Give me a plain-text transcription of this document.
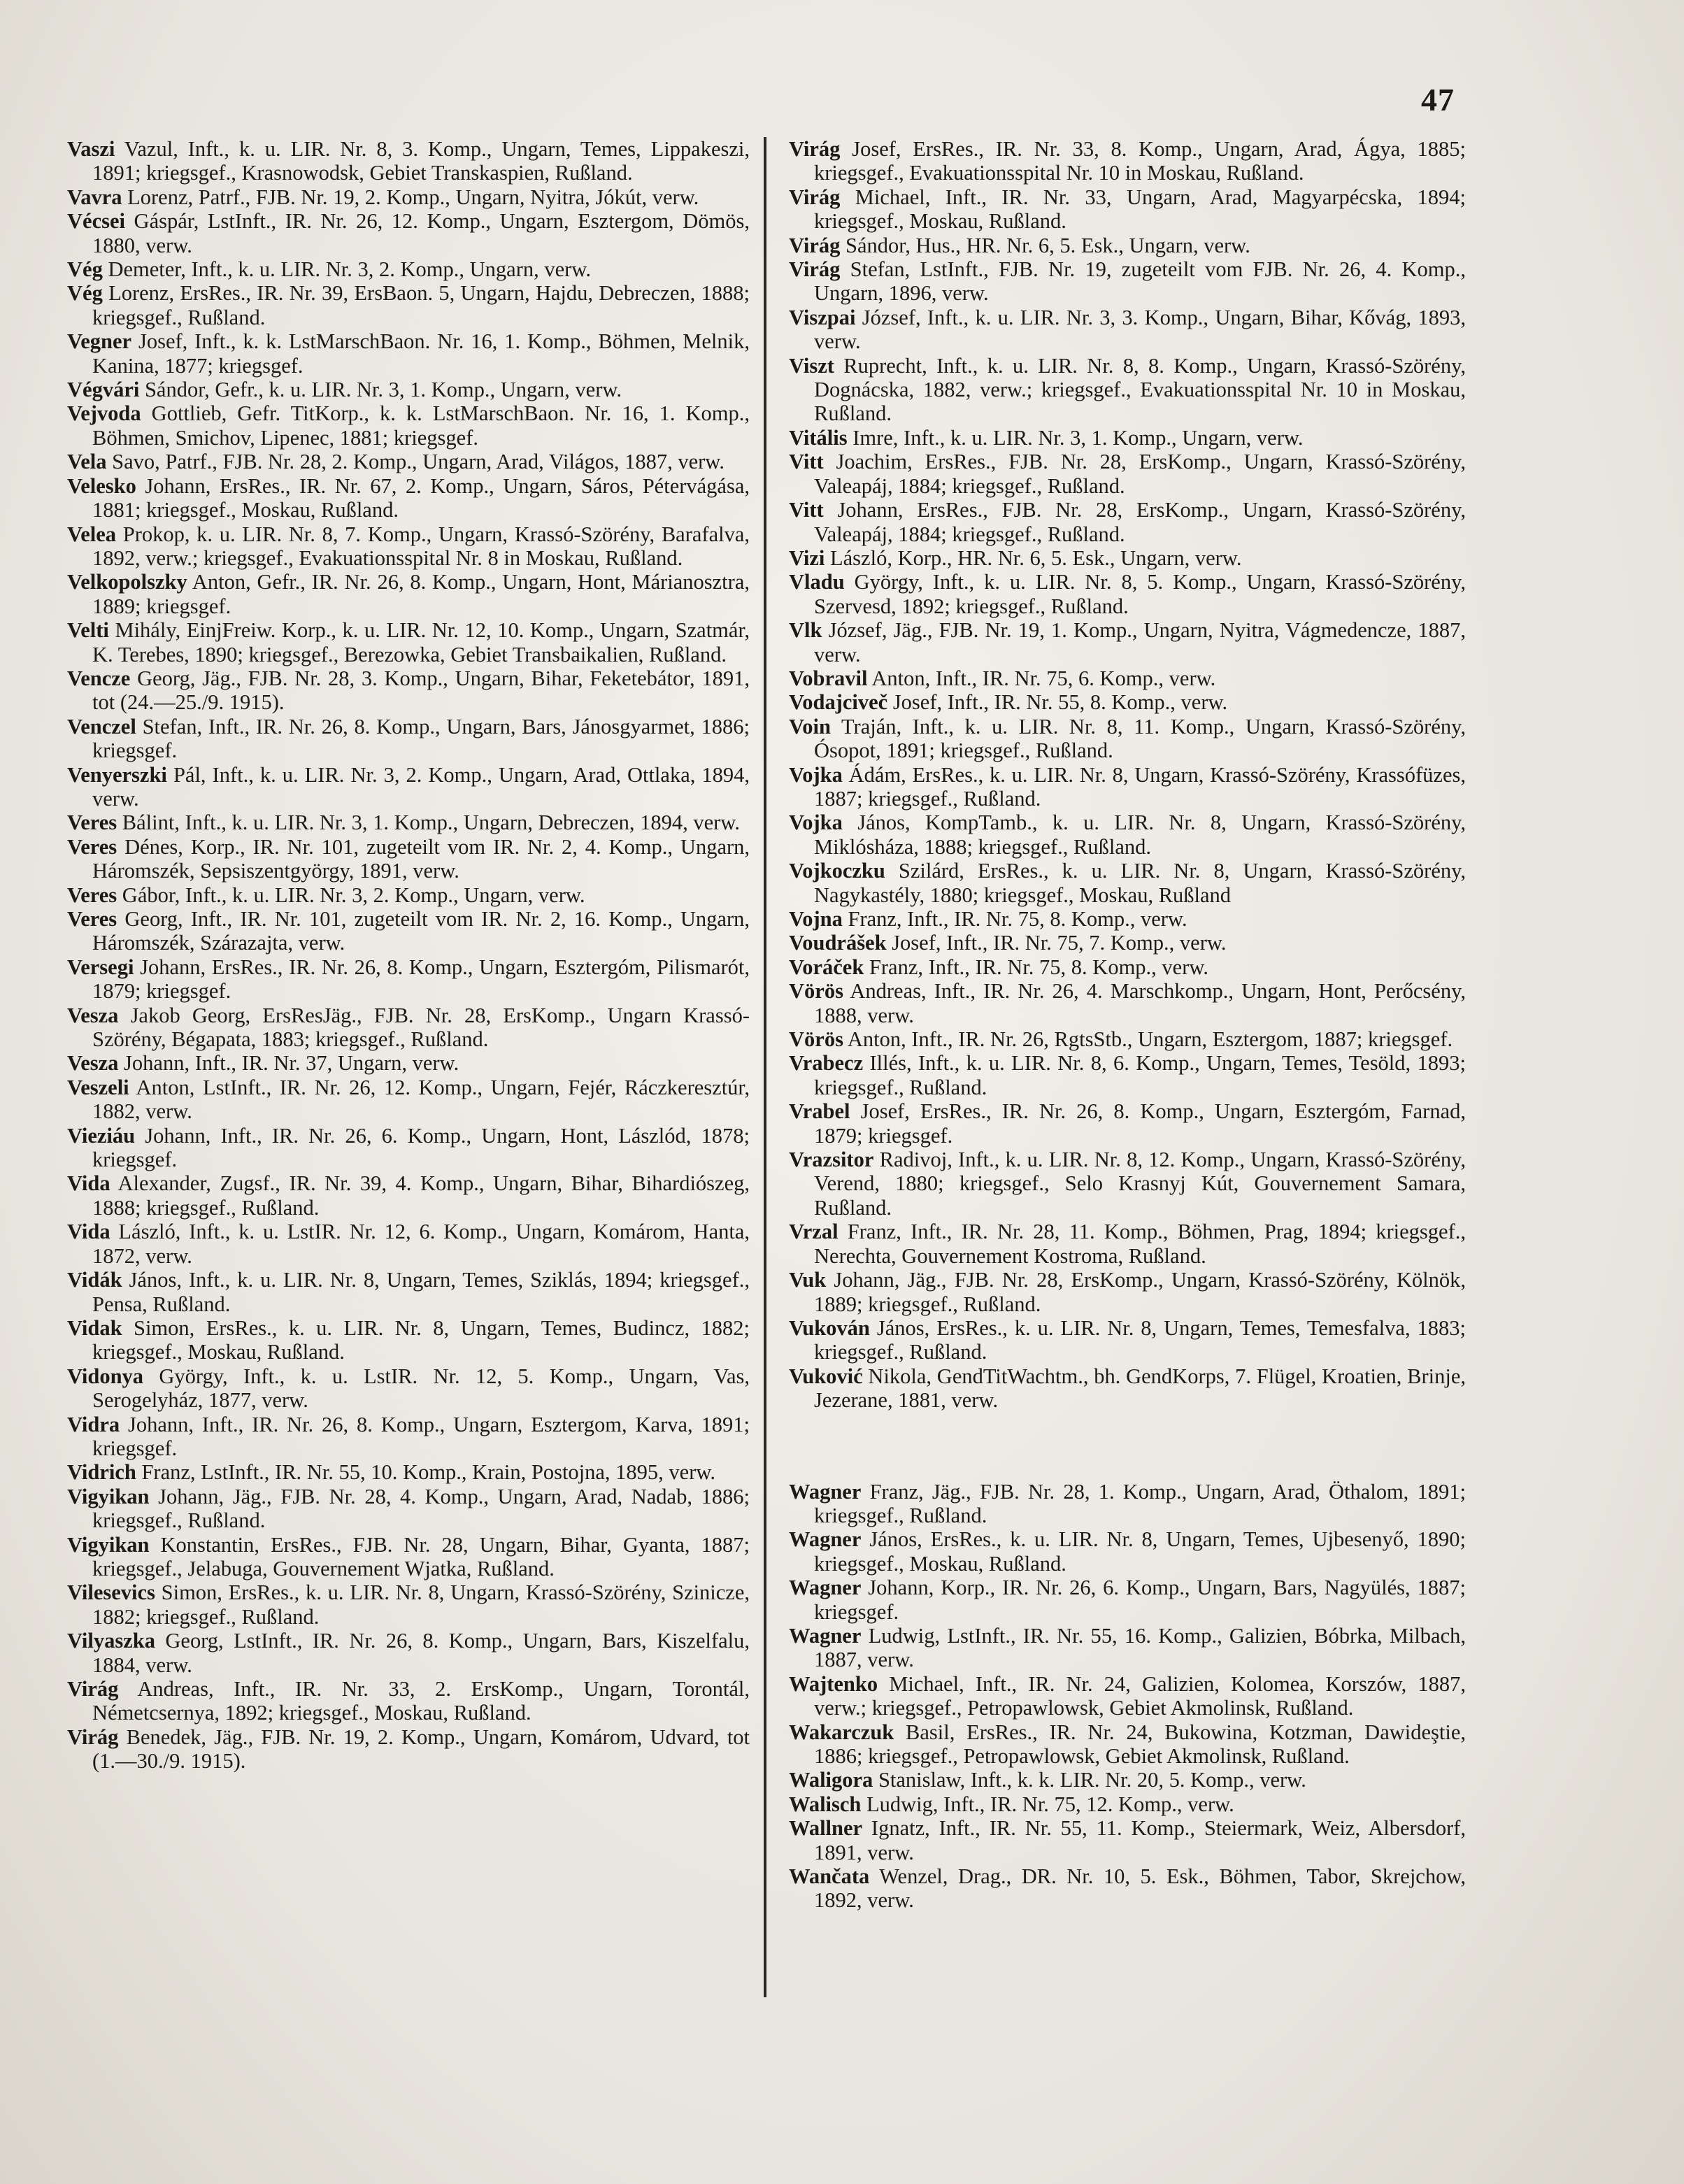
47

Vaszi Vazul, Inft., k. u. LIR. Nr. 8, 3. Komp., Ungarn, Temes, Lippakeszi, 1891; kriegsgef., Krasnowodsk, Gebiet Transkaspien, Rußland.

Vavra Lorenz, Patrf., FJB. Nr. 19, 2. Komp., Ungarn, Nyitra, Jókút, verw.

Vécsei Gáspár, LstInft., IR. Nr. 26, 12. Komp., Ungarn, Esztergom, Dömös, 1880, verw.

Vég Demeter, Inft., k. u. LIR. Nr. 3, 2. Komp., Ungarn, verw.

Vég Lorenz, ErsRes., IR. Nr. 39, ErsBaon. 5, Ungarn, Hajdu, Debreczen, 1888; kriegsgef., Rußland.

Vegner Josef, Inft., k. k. LstMarschBaon. Nr. 16, 1. Komp., Böhmen, Melnik, Kanina, 1877; kriegsgef.

Végvári Sándor, Gefr., k. u. LIR. Nr. 3, 1. Komp., Ungarn, verw.

Vejvoda Gottlieb, Gefr. TitKorp., k. k. LstMarschBaon. Nr. 16, 1. Komp., Böhmen, Smichov, Lipenec, 1881; kriegsgef.

Vela Savo, Patrf., FJB. Nr. 28, 2. Komp., Ungarn, Arad, Világos, 1887, verw.

Velesko Johann, ErsRes., IR. Nr. 67, 2. Komp., Ungarn, Sáros, Pétervágása, 1881; kriegsgef., Moskau, Rußland.

Velea Prokop, k. u. LIR. Nr. 8, 7. Komp., Ungarn, Krassó-Szörény, Barafalva, 1892, verw.; kriegsgef., Evakuationsspital Nr. 8 in Moskau, Rußland.

Velkopolszky Anton, Gefr., IR. Nr. 26, 8. Komp., Ungarn, Hont, Márianosztra, 1889; kriegsgef.

Velti Mihály, EinjFreiw. Korp., k. u. LIR. Nr. 12, 10. Komp., Ungarn, Szatmár, K. Terebes, 1890; kriegsgef., Berezowka, Gebiet Transbaikalien, Rußland.

Vencze Georg, Jäg., FJB. Nr. 28, 3. Komp., Ungarn, Bihar, Feketebátor, 1891, tot (24.—25./9. 1915).

Venczel Stefan, Inft., IR. Nr. 26, 8. Komp., Ungarn, Bars, Jánosgyarmet, 1886; kriegsgef.

Venyerszki Pál, Inft., k. u. LIR. Nr. 3, 2. Komp., Ungarn, Arad, Ottlaka, 1894, verw.

Veres Bálint, Inft., k. u. LIR. Nr. 3, 1. Komp., Ungarn, Debreczen, 1894, verw.

Veres Dénes, Korp., IR. Nr. 101, zugeteilt vom IR. Nr. 2, 4. Komp., Ungarn, Háromszék, Sepsiszentgyörgy, 1891, verw.

Veres Gábor, Inft., k. u. LIR. Nr. 3, 2. Komp., Ungarn, verw.

Veres Georg, Inft., IR. Nr. 101, zugeteilt vom IR. Nr. 2, 16. Komp., Ungarn, Háromszék, Szárazajta, verw.

Versegi Johann, ErsRes., IR. Nr. 26, 8. Komp., Ungarn, Esztergóm, Pilismarót, 1879; kriegsgef.

Vesza Jakob Georg, ErsResJäg., FJB. Nr. 28, ErsKomp., Ungarn Krassó-Szörény, Bégapata, 1883; kriegsgef., Rußland.

Vesza Johann, Inft., IR. Nr. 37, Ungarn, verw.

Veszeli Anton, LstInft., IR. Nr. 26, 12. Komp., Ungarn, Fejér, Ráczkeresztúr, 1882, verw.

Vieziáu Johann, Inft., IR. Nr. 26, 6. Komp., Ungarn, Hont, Lászlód, 1878; kriegsgef.

Vida Alexander, Zugsf., IR. Nr. 39, 4. Komp., Ungarn, Bihar, Bihardiószeg, 1888; kriegsgef., Rußland.

Vida László, Inft., k. u. LstIR. Nr. 12, 6. Komp., Ungarn, Komárom, Hanta, 1872, verw.

Vidák János, Inft., k. u. LIR. Nr. 8, Ungarn, Temes, Sziklás, 1894; kriegsgef., Pensa, Rußland.

Vidak Simon, ErsRes., k. u. LIR. Nr. 8, Ungarn, Temes, Budincz, 1882; kriegsgef., Moskau, Rußland.

Vidonya György, Inft., k. u. LstIR. Nr. 12, 5. Komp., Ungarn, Vas, Serogelyház, 1877, verw.

Vidra Johann, Inft., IR. Nr. 26, 8. Komp., Ungarn, Esztergom, Karva, 1891; kriegsgef.

Vidrich Franz, LstInft., IR. Nr. 55, 10. Komp., Krain, Postojna, 1895, verw.

Vigyikan Johann, Jäg., FJB. Nr. 28, 4. Komp., Ungarn, Arad, Nadab, 1886; kriegsgef., Rußland.

Vigyikan Konstantin, ErsRes., FJB. Nr. 28, Ungarn, Bihar, Gyanta, 1887; kriegsgef., Jelabuga, Gouvernement Wjatka, Rußland.

Vilesevics Simon, ErsRes., k. u. LIR. Nr. 8, Ungarn, Krassó-Szörény, Szinicze, 1882; kriegsgef., Rußland.

Vilyaszka Georg, LstInft., IR. Nr. 26, 8. Komp., Ungarn, Bars, Kiszelfalu, 1884, verw.

Virág Andreas, Inft., IR. Nr. 33, 2. ErsKomp., Ungarn, Torontál, Németcsernya, 1892; kriegsgef., Moskau, Rußland.

Virág Benedek, Jäg., FJB. Nr. 19, 2. Komp., Ungarn, Komárom, Udvard, tot (1.—30./9. 1915).

Virág Josef, ErsRes., IR. Nr. 33, 8. Komp., Ungarn, Arad, Ágya, 1885; kriegsgef., Evakuationsspital Nr. 10 in Moskau, Rußland.

Virág Michael, Inft., IR. Nr. 33, Ungarn, Arad, Magyarpécska, 1894; kriegsgef., Moskau, Rußland.

Virág Sándor, Hus., HR. Nr. 6, 5. Esk., Ungarn, verw.

Virág Stefan, LstInft., FJB. Nr. 19, zugeteilt vom FJB. Nr. 26, 4. Komp., Ungarn, 1896, verw.

Viszpai József, Inft., k. u. LIR. Nr. 3, 3. Komp., Ungarn, Bihar, Kővág, 1893, verw.

Viszt Ruprecht, Inft., k. u. LIR. Nr. 8, 8. Komp., Ungarn, Krassó-Szörény, Dognácska, 1882, verw.; kriegsgef., Evakuationsspital Nr. 10 in Moskau, Rußland.

Vitális Imre, Inft., k. u. LIR. Nr. 3, 1. Komp., Ungarn, verw.

Vitt Joachim, ErsRes., FJB. Nr. 28, ErsKomp., Ungarn, Krassó-Szörény, Valeapáj, 1884; kriegsgef., Rußland.

Vitt Johann, ErsRes., FJB. Nr. 28, ErsKomp., Ungarn, Krassó-Szörény, Valeapáj, 1884; kriegsgef., Rußland.

Vizi László, Korp., HR. Nr. 6, 5. Esk., Ungarn, verw.

Vladu György, Inft., k. u. LIR. Nr. 8, 5. Komp., Ungarn, Krassó-Szörény, Szervesd, 1892; kriegsgef., Rußland.

Vlk József, Jäg., FJB. Nr. 19, 1. Komp., Ungarn, Nyitra, Vágmedencze, 1887, verw.

Vobravil Anton, Inft., IR. Nr. 75, 6. Komp., verw.

Vodajciveč Josef, Inft., IR. Nr. 55, 8. Komp., verw.

Voin Traján, Inft., k. u. LIR. Nr. 8, 11. Komp., Ungarn, Krassó-Szörény, Ósopot, 1891; kriegsgef., Rußland.

Vojka Ádám, ErsRes., k. u. LIR. Nr. 8, Ungarn, Krassó-Szörény, Krassófüzes, 1887; kriegsgef., Rußland.

Vojka János, KompTamb., k. u. LIR. Nr. 8, Ungarn, Krassó-Szörény, Miklósháza, 1888; kriegsgef., Rußland.

Vojkoczku Szilárd, ErsRes., k. u. LIR. Nr. 8, Ungarn, Krassó-Szörény, Nagykastély, 1880; kriegsgef., Moskau, Rußland

Vojna Franz, Inft., IR. Nr. 75, 8. Komp., verw.

Voudrášek Josef, Inft., IR. Nr. 75, 7. Komp., verw.

Voráček Franz, Inft., IR. Nr. 75, 8. Komp., verw.

Vörös Andreas, Inft., IR. Nr. 26, 4. Marschkomp., Ungarn, Hont, Perőcsény, 1888, verw.

Vörös Anton, Inft., IR. Nr. 26, RgtsStb., Ungarn, Esztergom, 1887; kriegsgef.

Vrabecz Illés, Inft., k. u. LIR. Nr. 8, 6. Komp., Ungarn, Temes, Tesöld, 1893; kriegsgef., Rußland.

Vrabel Josef, ErsRes., IR. Nr. 26, 8. Komp., Ungarn, Esztergóm, Farnad, 1879; kriegsgef.

Vrazsitor Radivoj, Inft., k. u. LIR. Nr. 8, 12. Komp., Ungarn, Krassó-Szörény, Verend, 1880; kriegsgef., Selo Krasnyj Kút, Gouvernement Samara, Rußland.

Vrzal Franz, Inft., IR. Nr. 28, 11. Komp., Böhmen, Prag, 1894; kriegsgef., Nerechta, Gouvernement Kostroma, Rußland.

Vuk Johann, Jäg., FJB. Nr. 28, ErsKomp., Ungarn, Krassó-Szörény, Kölnök, 1889; kriegsgef., Rußland.

Vukován János, ErsRes., k. u. LIR. Nr. 8, Ungarn, Temes, Temesfalva, 1883; kriegsgef., Rußland.

Vuković Nikola, GendTitWachtm., bh. GendKorps, 7. Flügel, Kroatien, Brinje, Jezerane, 1881, verw.

Wagner Franz, Jäg., FJB. Nr. 28, 1. Komp., Ungarn, Arad, Öthalom, 1891; kriegsgef., Rußland.

Wagner János, ErsRes., k. u. LIR. Nr. 8, Ungarn, Temes, Ujbesenyő, 1890; kriegsgef., Moskau, Rußland.

Wagner Johann, Korp., IR. Nr. 26, 6. Komp., Ungarn, Bars, Nagyülés, 1887; kriegsgef.

Wagner Ludwig, LstInft., IR. Nr. 55, 16. Komp., Galizien, Bóbrka, Milbach, 1887, verw.

Wajtenko Michael, Inft., IR. Nr. 24, Galizien, Kolomea, Korszów, 1887, verw.; kriegsgef., Petropawlowsk, Gebiet Akmolinsk, Rußland.

Wakarczuk Basil, ErsRes., IR. Nr. 24, Bukowina, Kotzman, Dawideştie, 1886; kriegsgef., Petropawlowsk, Gebiet Akmolinsk, Rußland.

Waligora Stanislaw, Inft., k. k. LIR. Nr. 20, 5. Komp., verw.

Walisch Ludwig, Inft., IR. Nr. 75, 12. Komp., verw.

Wallner Ignatz, Inft., IR. Nr. 55, 11. Komp., Steiermark, Weiz, Albersdorf, 1891, verw.

Wančata Wenzel, Drag., DR. Nr. 10, 5. Esk., Böhmen, Tabor, Skrejchow, 1892, verw.
